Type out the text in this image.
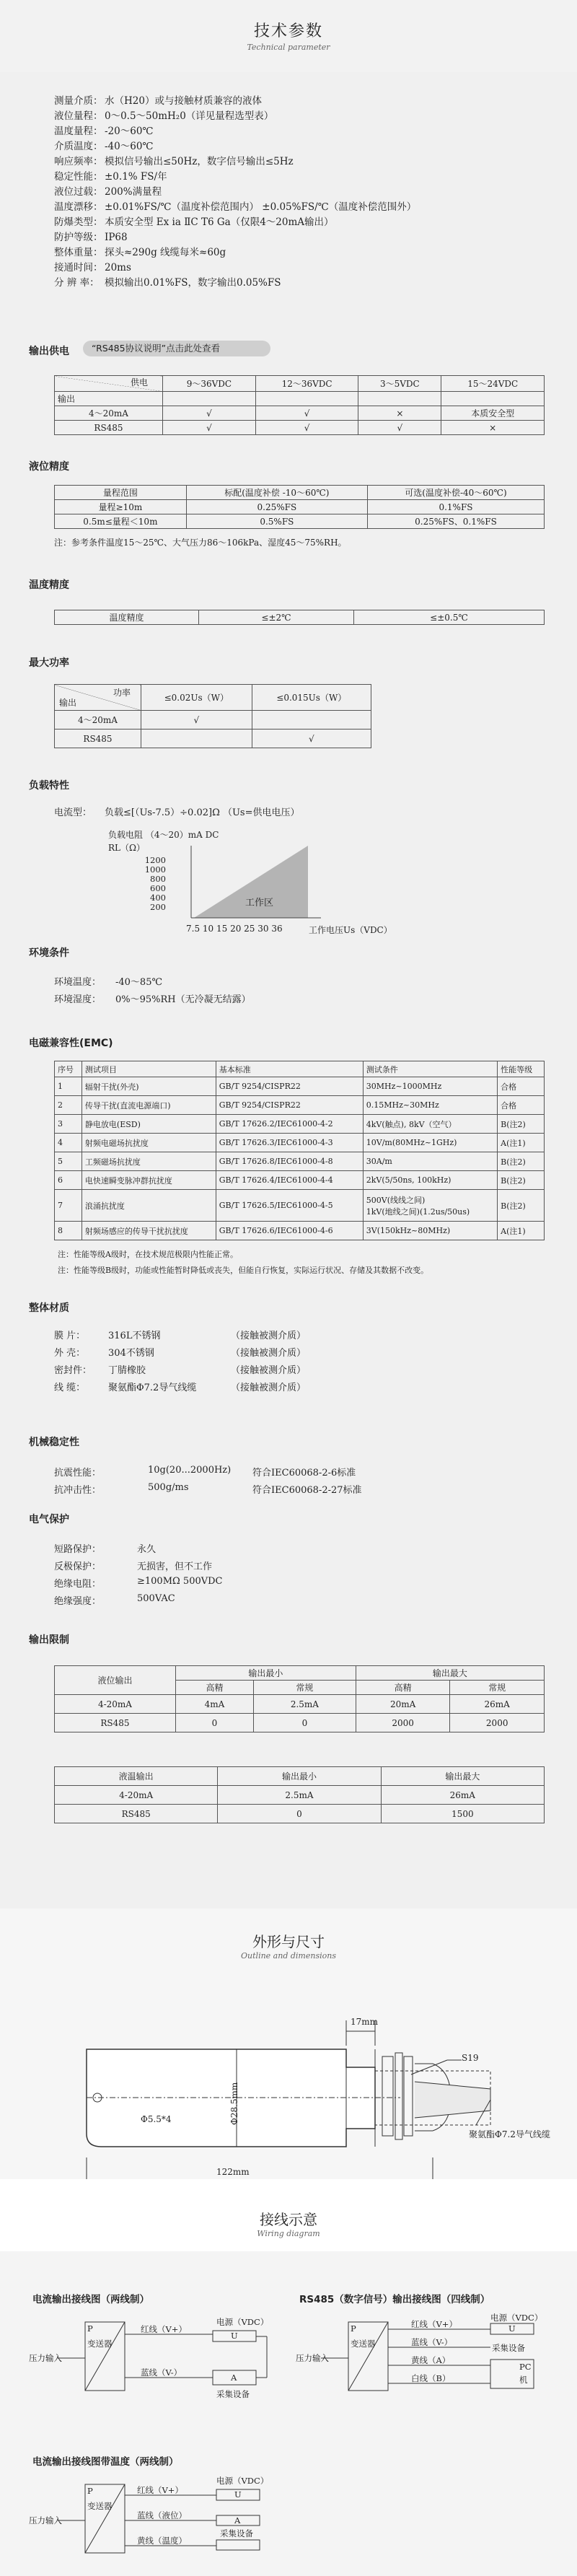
技术参数
Technical parameter
测量介质： 水（H20）或与接触材质兼容的液体
液位量程： 0～0.5～50mH₂0（详见量程选型表）
温度量程： -20～60℃
介质温度： -40～60℃
响应频率： 模拟信号输出≤50Hz，数字信号输出≤5Hz
稳定性能： ±0.1% FS/年
液位过载： 200%满量程
温度漂移： ±0.01%FS/℃（温度补偿范围内） ±0.05%FS/℃（温度补偿范围外）
防爆类型： 本质安全型 Ex ia ⅡC T6 Ga（仅限4～20mA输出）
防护等级： IP68
整体重量： 探头≈290g 线缆每米≈60g
接通时间： 20ms
分 辨 率： 模拟输出0.01%FS，数字输出0.05%FS
输出供电	“RS485协议说明”点击此处查看
供电	9～36VDC	12～36VDC	3～5VDC	15～24VDC
输出				
4～20mA	√	√	×	本质安全型
RS485	√	√	√	×
液位精度
量程范围	标配(温度补偿 -10～60℃)	可选(温度补偿-40～60℃)
量程≥10m	0.25%FS	0.1%FS
0.5m≤量程＜10m	0.5%FS	0.25%FS、0.1%FS
注：参考条件温度15～25℃、大气压力86～106kPa、湿度45～75%RH。
温度精度
温度精度	≤±2℃	≤±0.5℃
最大功率
功率
输出	≤0.02Us（W）	≤0.015Us（W）
4～20mA	√	
RS485		√
负载特性
电流型： 负载≤[（Us-7.5）÷0.02]Ω （Us=供电电压）
负载电阻 （4～20）mA DC
RL（Ω）
1200
1000
800
600
400
200	工作区
7.5 10 15 20 25 30 36	工作电压Us（VDC）
环境条件
环境温度： -40～85℃
环境湿度： 0%～95%RH（无冷凝无结露）
电磁兼容性(EMC)
序号	测试项目	基本标准	测试条件	性能等级
1	辐射干扰(外壳)	GB/T 9254/CISPR22	30MHz~1000MHz	合格
2	传导干扰(直流电源端口)	GB/T 9254/CISPR22	0.15MHz~30MHz	合格
3	静电放电(ESD)	GB/T 17626.2/IEC61000-4-2	4kV(触点), 8kV（空气）	B(注2)
4	射频电磁场抗扰度	GB/T 17626.3/IEC61000-4-3	10V/m(80MHz~1GHz)	A(注1)
5	工频磁场抗扰度	GB/T 17626.8/IEC61000-4-8	30A/m	B(注2)
6	电快速瞬变脉冲群抗扰度	GB/T 17626.4/IEC61000-4-4	2kV(5/50ns, 100kHz)	B(注2)
7	浪涌抗扰度	GB/T 17626.5/IEC61000-4-5	500V(线线之间)
1kV(地线之间)(1.2us/50us)	B(注2)
8	射频场感应的传导干扰抗扰度	GB/T 17626.6/IEC61000-4-6	3V(150kHz~80MHz)	A(注1)
注：性能等级A级时，在技术规范极限内性能正常。
注：性能等级B级时，功能或性能暂时降低或丧失，但能自行恢复，实际运行状况、存储及其数据不改变。
整体材质
膜 片： 316L不锈钢	（接触被测介质）
外 壳： 304不锈钢	（接触被测介质）
密封件： 丁腈橡胶	（接触被测介质）
线 缆： 聚氨酯Φ7.2导气线缆	（接触被测介质）
机械稳定性
抗震性能：	10g(20...2000Hz) 符合IEC60068-2-6标准
抗冲击性：	500g/ms	符合IEC60068-2-27标准
电气保护
短路保护：	永久
反极保护：	无损害，但不工作
绝缘电阻：	≥100MΩ 500VDC
绝缘强度：	500VAC
输出限制
液位输出	输出最小		输出最大	
	高精	常规	高精	常规
4-20mA	4mA	2.5mA	20mA	26mA
RS485	0	0	2000	2000
液温输出	输出最小	输出最大
4-20mA	2.5mA	26mA
RS485	0	1500
外形与尺寸
Outline and dimensions
17mm
Φ28.5mm
Φ5.5*4
122mm
S19
聚氨酯Φ7.2导气线缆
接线示意
Wiring diagram
电流输出接线图（两线制）
压力输入
P
变送器
红线（V+）
蓝线（V-）
电源（VDC）
U
A
采集设备
RS485（数字信号）输出接线图（四线制）
压力输入
P
变送器
红线（V+）
蓝线（V-）
黄线（A）
白线（B）
电源（VDC）
U
采集设备
PC
机
电流输出接线图带温度（两线制）
压力输入
P
变送器
红线（V+）
蓝线（液位）
黄线（温度）
电源（VDC）
U
A
采集设备
